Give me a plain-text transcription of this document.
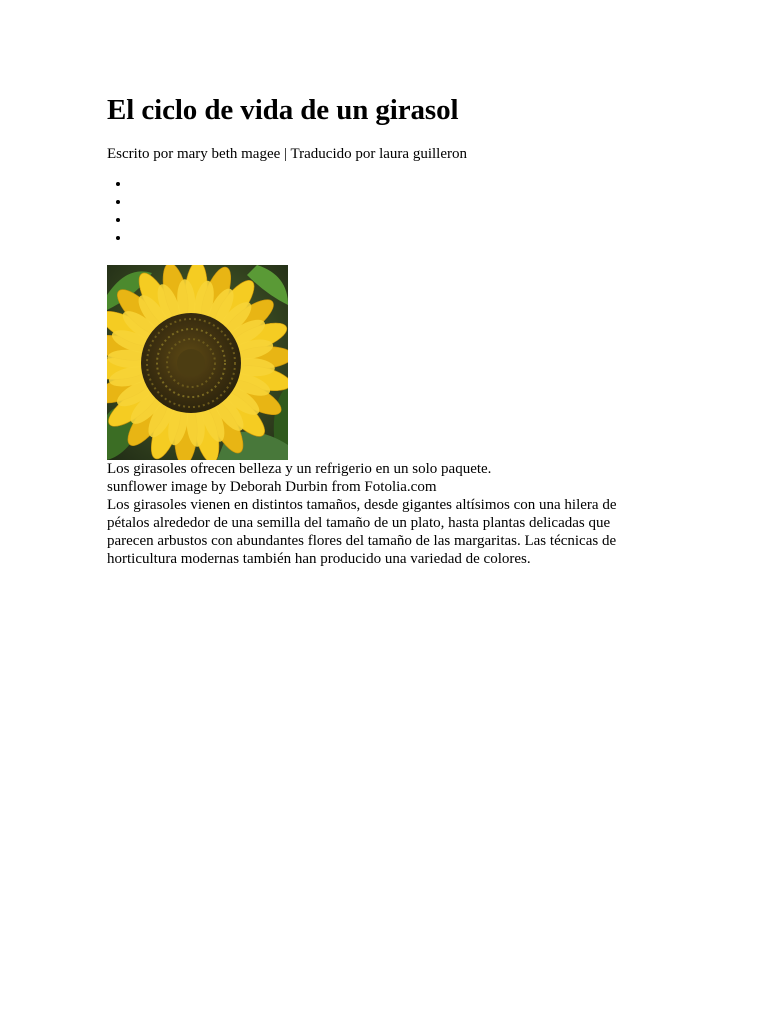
El ciclo de vida de un girasol

Escrito por mary beth magee | Traducido por laura guilleron

•
•
•
•

Los girasoles ofrecen belleza y un refrigerio en un solo paquete.

sunflower image by Deborah Durbin from Fotolia.com

Los girasoles vienen en distintos tamaños, desde gigantes altísimos con una hilera de pétalos alrededor de una semilla del tamaño de un plato, hasta plantas delicadas que parecen arbustos con abundantes flores del tamaño de las margaritas. Las técnicas de horticultura modernas también han producido una variedad de colores.
